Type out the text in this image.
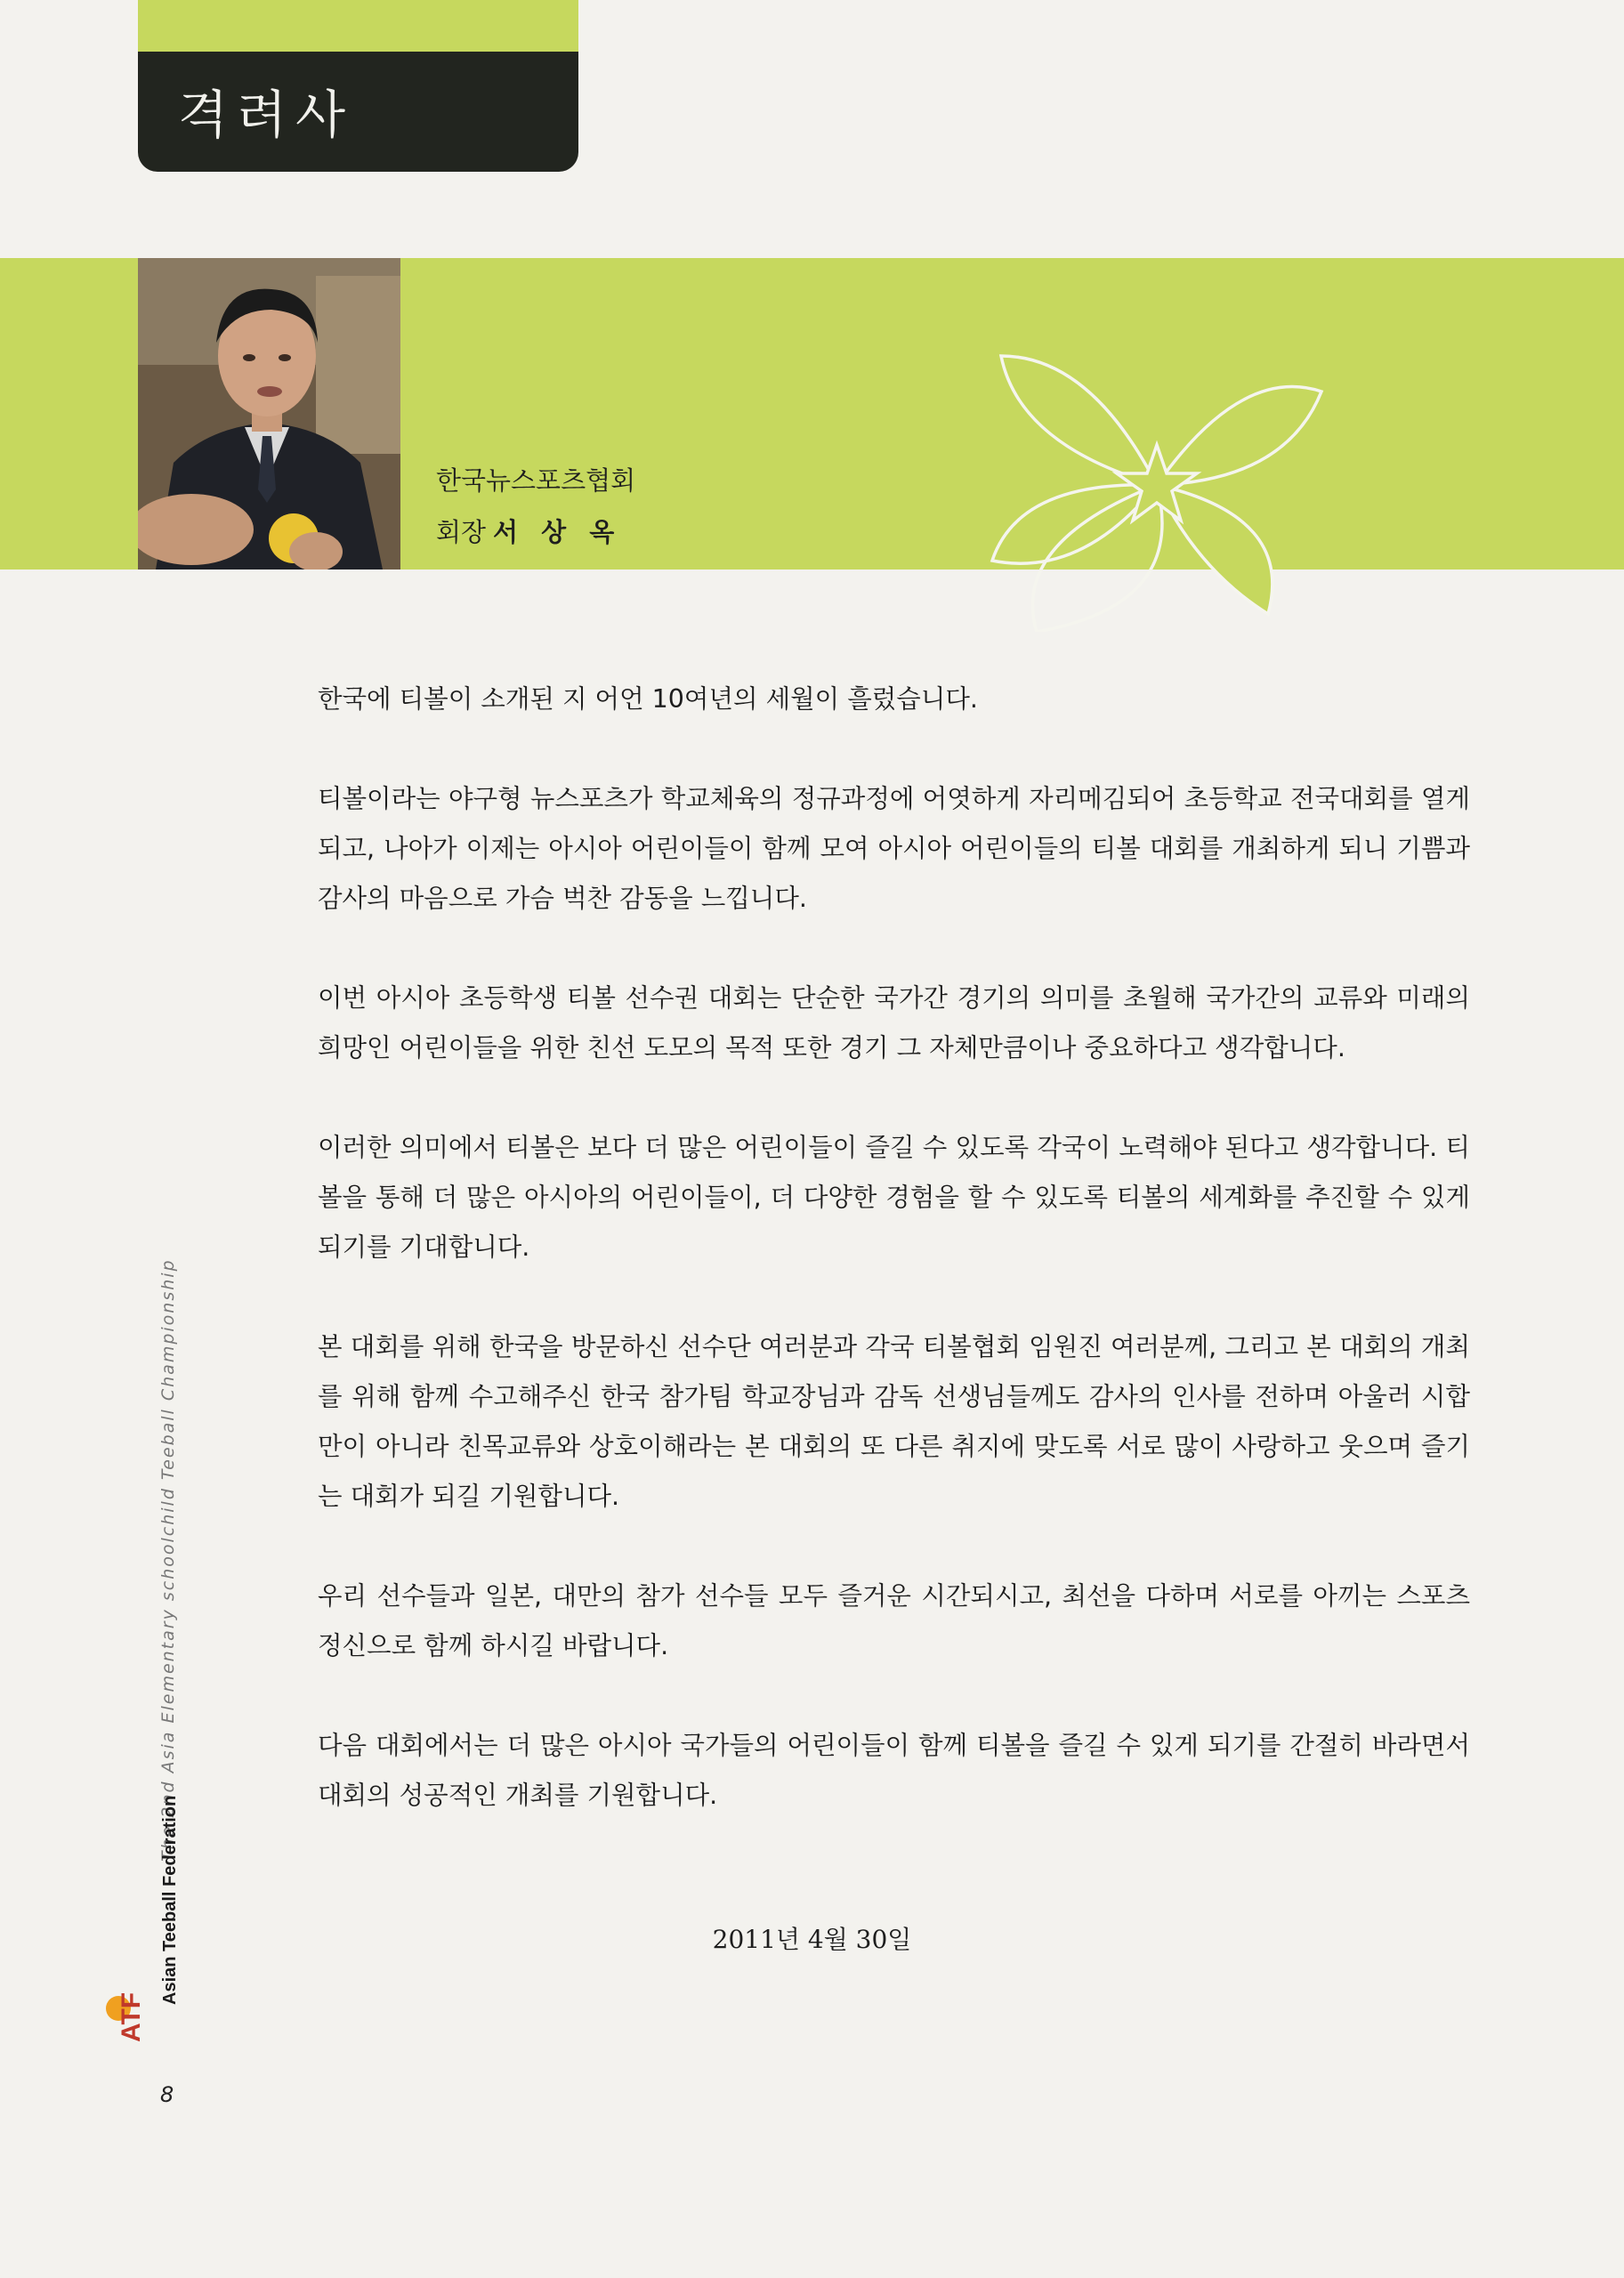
격려사

한국뉴스포츠협회

회장 서 상 옥

한국에 티볼이 소개된 지 어언 10여년의 세월이 흘렀습니다.

티볼이라는 야구형 뉴스포츠가 학교체육의 정규과정에 어엿하게 자리메김되어 초등학교 전국대회를 열게 되고, 나아가 이제는 아시아 어린이들이 함께 모여 아시아 어린이들의 티볼 대회를 개최하게 되니 기쁨과 감사의 마음으로 가슴 벅찬 감동을 느낍니다.

이번 아시아 초등학생 티볼 선수권 대회는 단순한 국가간 경기의 의미를 초월해 국가간의 교류와 미래의 희망인 어린이들을 위한 친선 도모의 목적 또한 경기 그 자체만큼이나 중요하다고 생각합니다.

이러한 의미에서 티볼은 보다 더 많은 어린이들이 즐길 수 있도록 각국이 노력해야 된다고 생각합니다. 티볼을 통해 더 많은 아시아의 어린이들이, 더 다양한 경험을 할 수 있도록 티볼의 세계화를 추진할 수 있게 되기를 기대합니다.

본 대회를 위해 한국을 방문하신 선수단 여러분과 각국 티볼협회 임원진 여러분께, 그리고 본 대회의 개최를 위해 함께 수고해주신 한국 참가팀 학교장님과 감독 선생님들께도 감사의 인사를 전하며 아울러 시합만이 아니라 친목교류와 상호이해라는 본 대회의 또 다른 취지에 맞도록 서로 많이 사랑하고 웃으며 즐기는 대회가 되길 기원합니다.

우리 선수들과 일본, 대만의 참가 선수들 모두 즐거운 시간되시고, 최선을 다하며 서로를 아끼는 스포츠 정신으로 함께 하시길 바랍니다.

다음 대회에서는 더 많은 아시아 국가들의 어린이들이 함께 티볼을 즐길 수 있게 되기를 간절히 바라면서 대회의 성공적인 개최를 기원합니다.

2011년 4월 30일

The 2nd Asia Elementary schoolchild Teeball Championship
Asian Teeball Federation
ATF

8
